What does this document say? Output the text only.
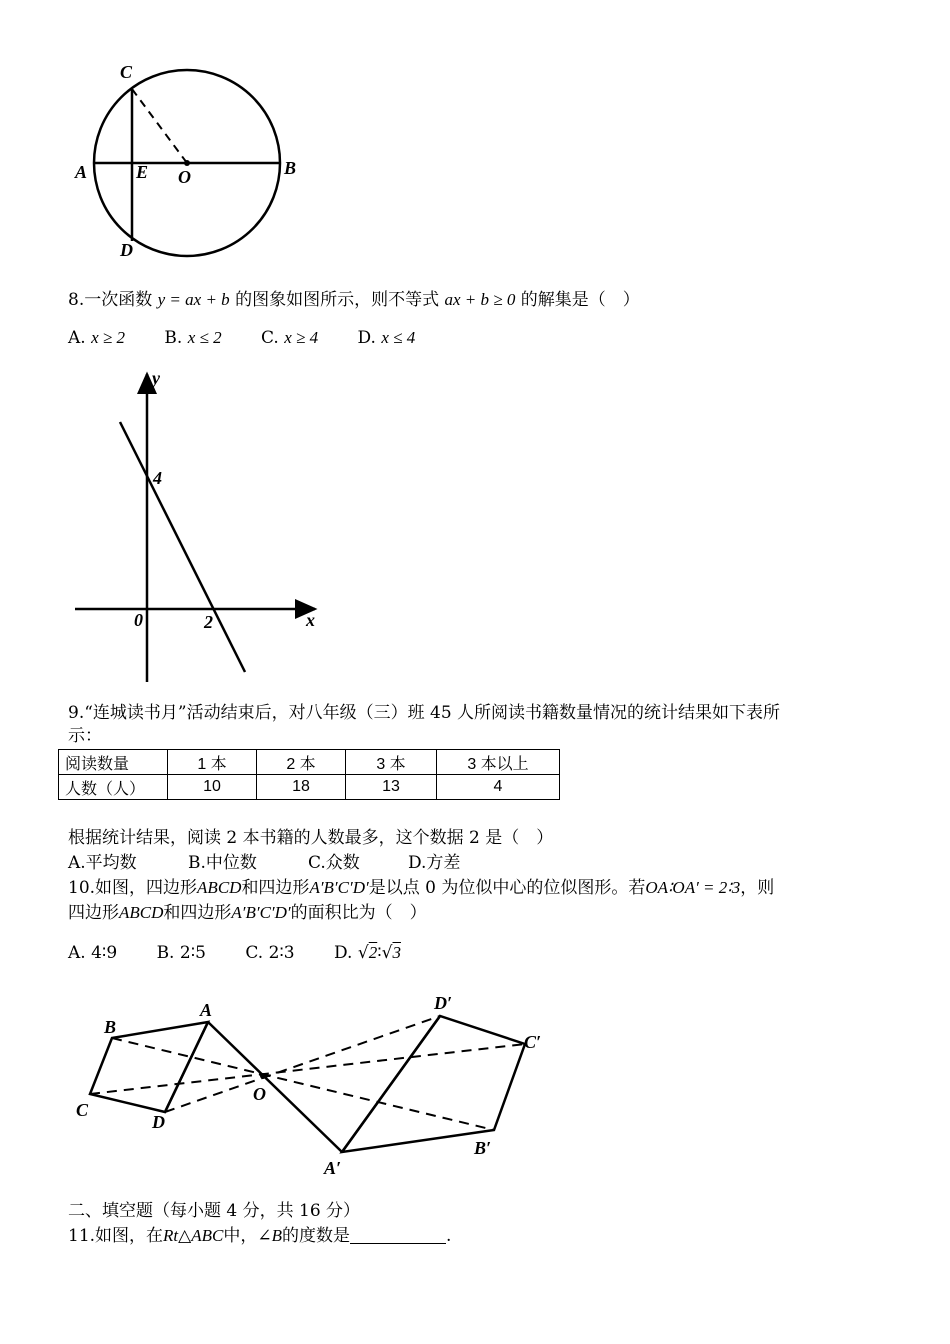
C
A	E O	B
D
8.一次函数 y = ax + b 的图象如图所示，则不等式 ax + b ≥ 0 的解集是（　）
A. x ≥ 2 B. x ≤ 2 C. x ≥ 4 D. x ≤ 4
y
x
0
4
2
9.“连城读书月”活动结束后，对八年级（三）班 45 人所阅读书籍数量情况的统计结果如下表所
示：
阅读数量	1 本	2 本	3 本	3 本以上
人数（人）	10	18	13	4
根据统计结果，阅读 2 本书籍的人数最多，这个数据 2 是（　）
A.平均数	B.中位数	C.众数	D.方差
10.如图，四边形ABCD和四边形A′B′C′D′是以点 0 为位似中心的位似图形。若OA∶OA′ = 2∶3，则
四边形ABCD和四边形A′B′C′D′的面积比为（　）
A. 4∶9 B. 2∶5 C. 2∶3 D. √2∶√3
B
A
C
D
O
D′
C′
B′
A′
二、填空题（每小题 4 分，共 16 分）
11.如图，在Rt△ABC中，∠B的度数是	.
